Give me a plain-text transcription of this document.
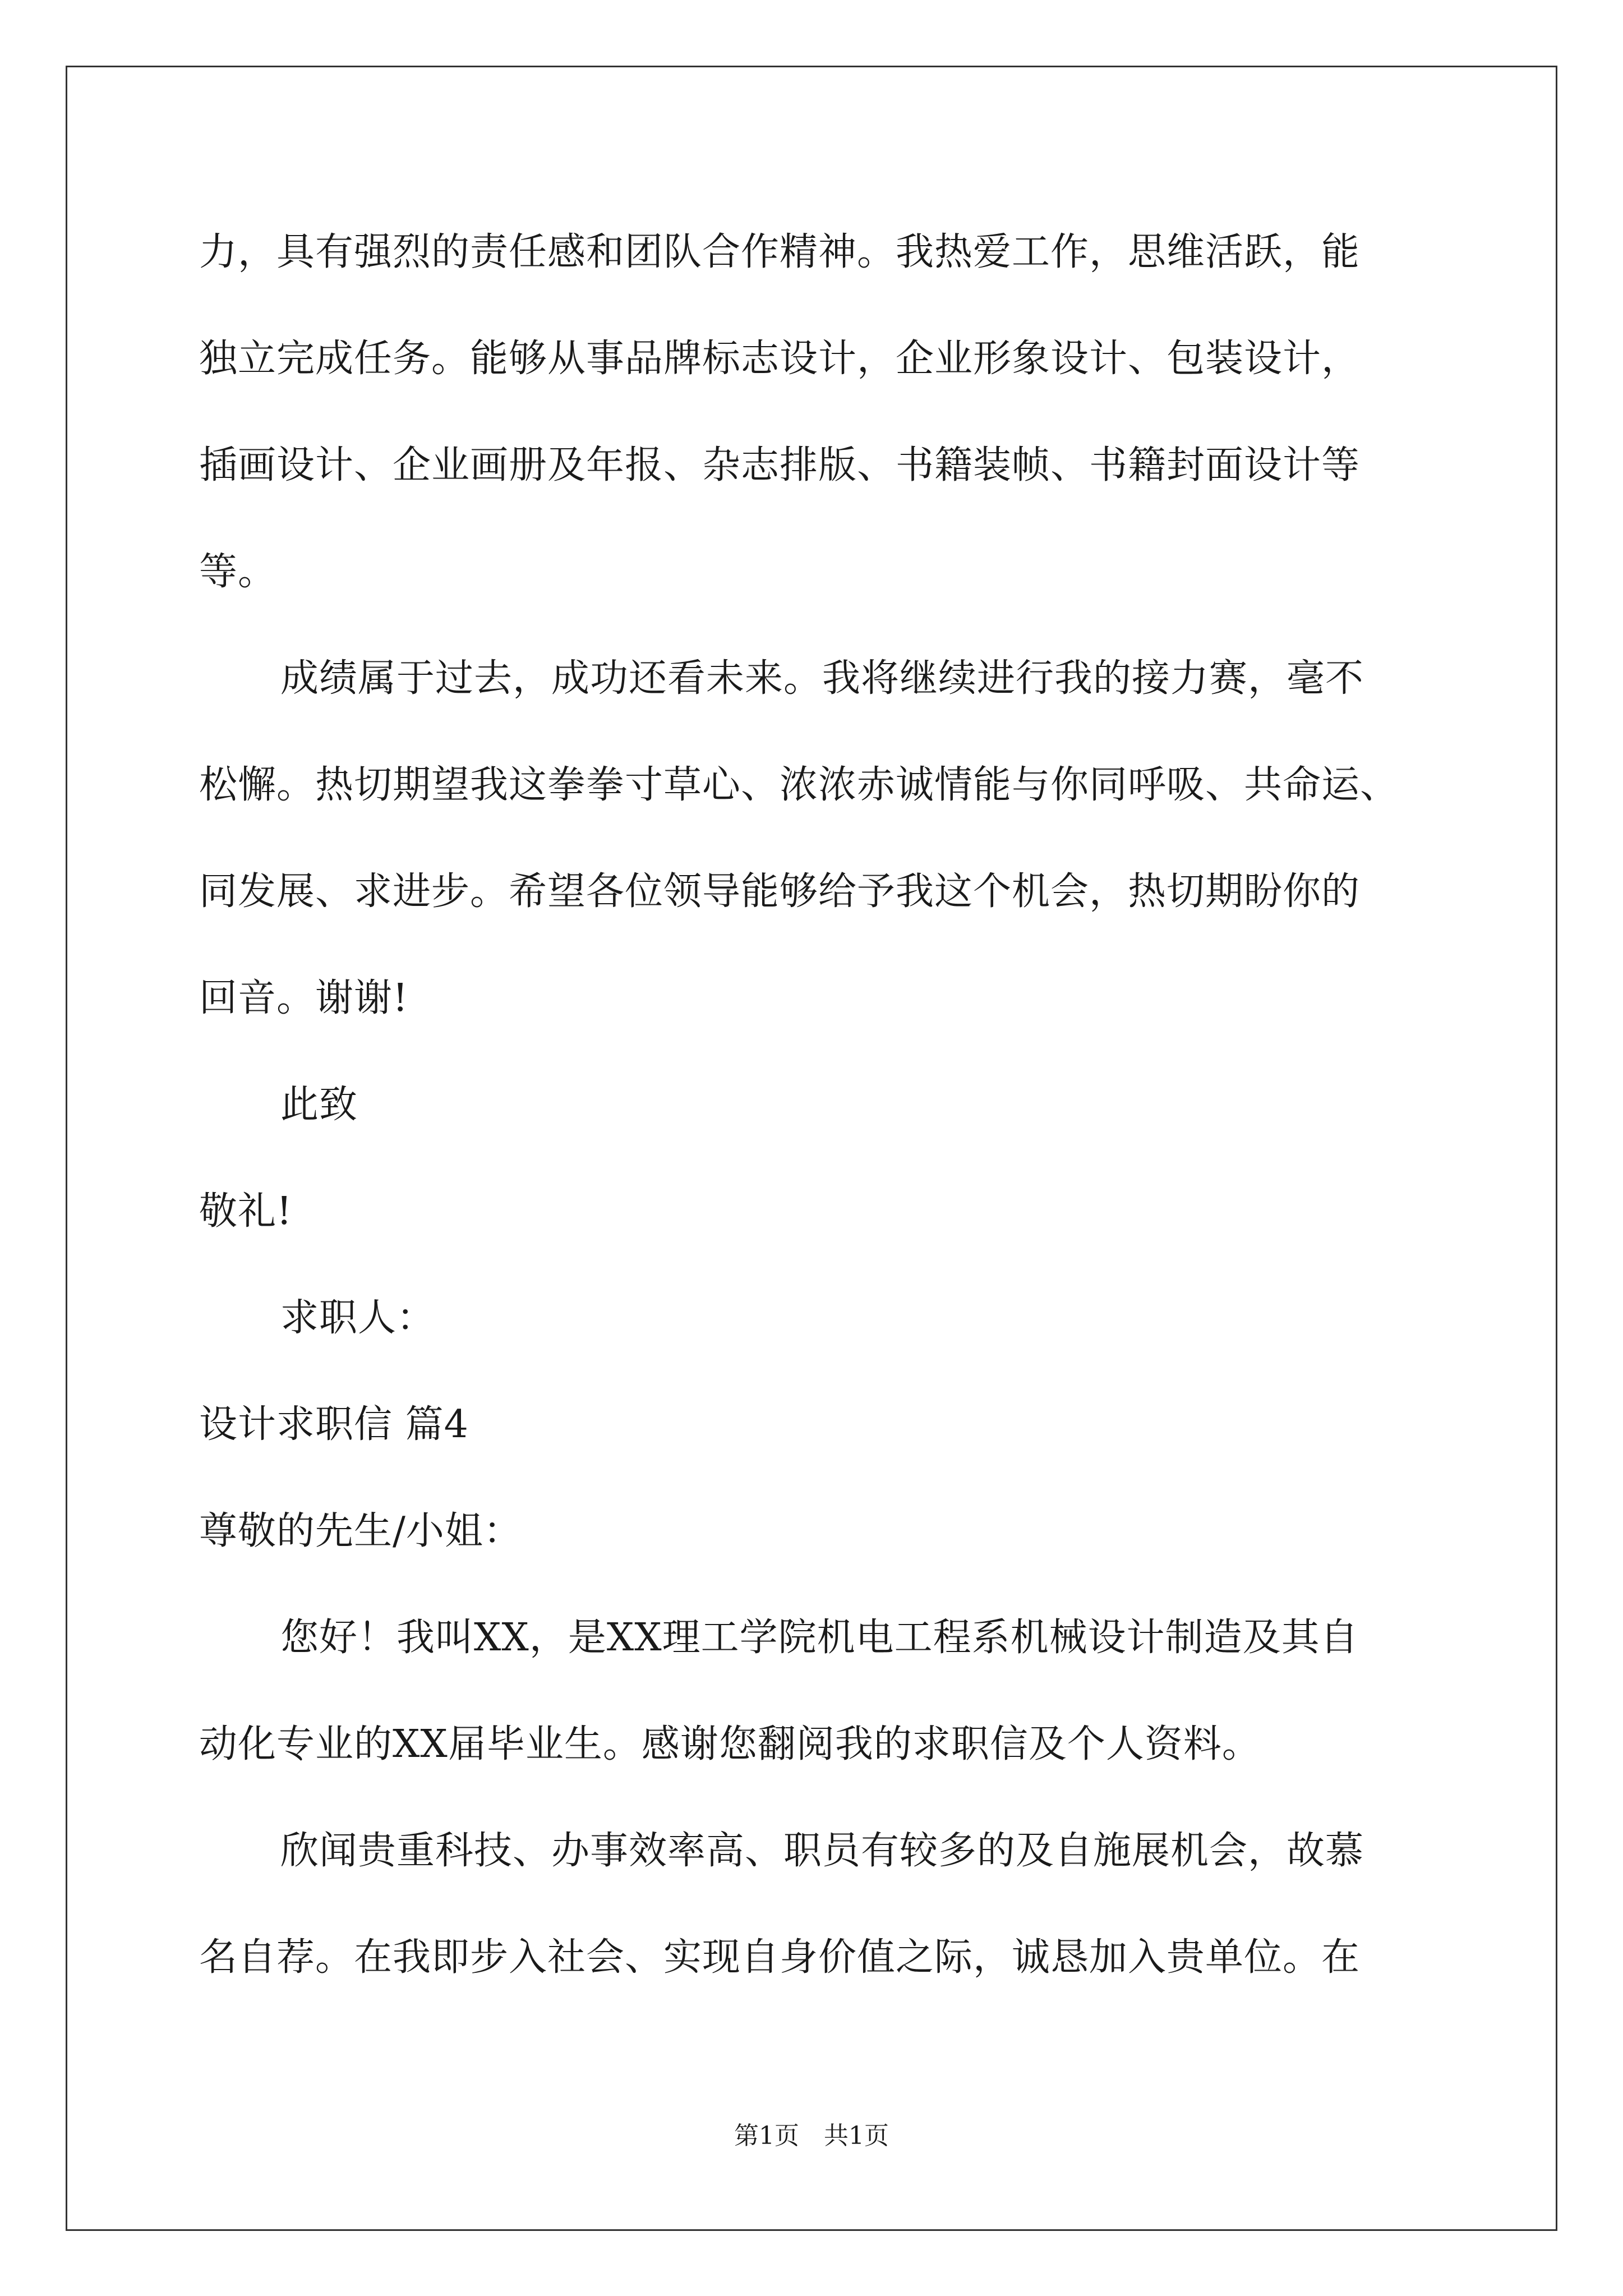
力，具有强烈的责任感和团队合作精神。我热爱工作，思维活跃，能
独立完成任务。能够从事品牌标志设计，企业形象设计、包装设计，
插画设计、企业画册及年报、杂志排版、书籍装帧、书籍封面设计等
等。
成绩属于过去，成功还看未来。我将继续进行我的接力赛，毫不
松懈。热切期望我这拳拳寸草心、浓浓赤诚情能与你同呼吸、共命运、
同发展、求进步。希望各位领导能够给予我这个机会，热切期盼你的
回音。谢谢!
此致
敬礼!
求职人：
设计求职信 篇4
尊敬的先生/小姐：
您好！我叫XX，是XX理工学院机电工程系机械设计制造及其自
动化专业的XX届毕业生。感谢您翻阅我的求职信及个人资料。
欣闻贵重科技、办事效率高、职员有较多的及自施展机会，故慕
名自荐。在我即步入社会、实现自身价值之际，诚恳加入贵单位。在
第1页　共1页
